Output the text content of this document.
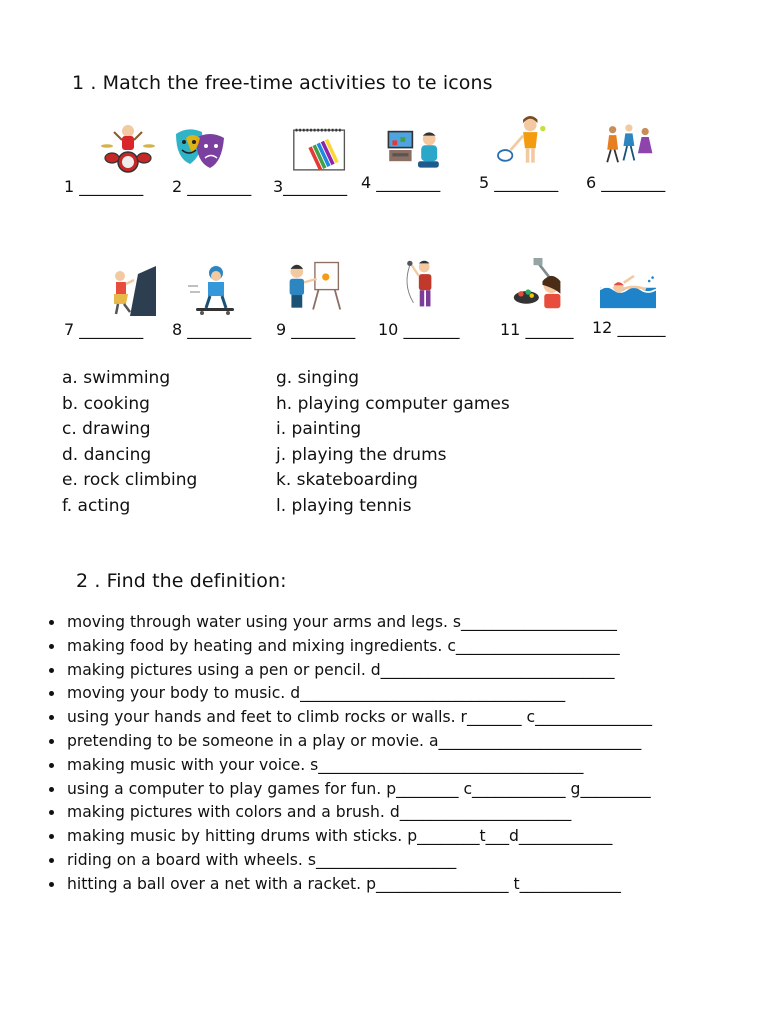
1 . Match the free-time activities to te icons
1 ________ 2 ________ 3________ 4 ________ 5 ________ 6 ________
7 ________ 8 ________ 9 ________ 10 _______	11 ______ 12 ______
a. swimming
b. cooking
c. drawing
d. dancing
e. rock climbing
f. acting
g. singing
h. playing computer games
i. painting
j. playing the drums
k. skateboarding
l. playing tennis
2 . Find the definition:
moving through water using your arms and legs. s____________________
making food by heating and mixing ingredients. c_____________________
making pictures using a pen or pencil. d______________________________
moving your body to music. d__________________________________
using your hands and feet to climb rocks or walls. r_______ c_______________
pretending to be someone in a play or movie. a__________________________
making music with your voice. s__________________________________
using a computer to play games for fun. p________ c____________ g_________
making pictures with colors and a brush. d______________________
making music by hitting drums with sticks. p________t___d____________
riding on a board with wheels. s__________________
hitting a ball over a net with a racket. p_________________ t_____________
